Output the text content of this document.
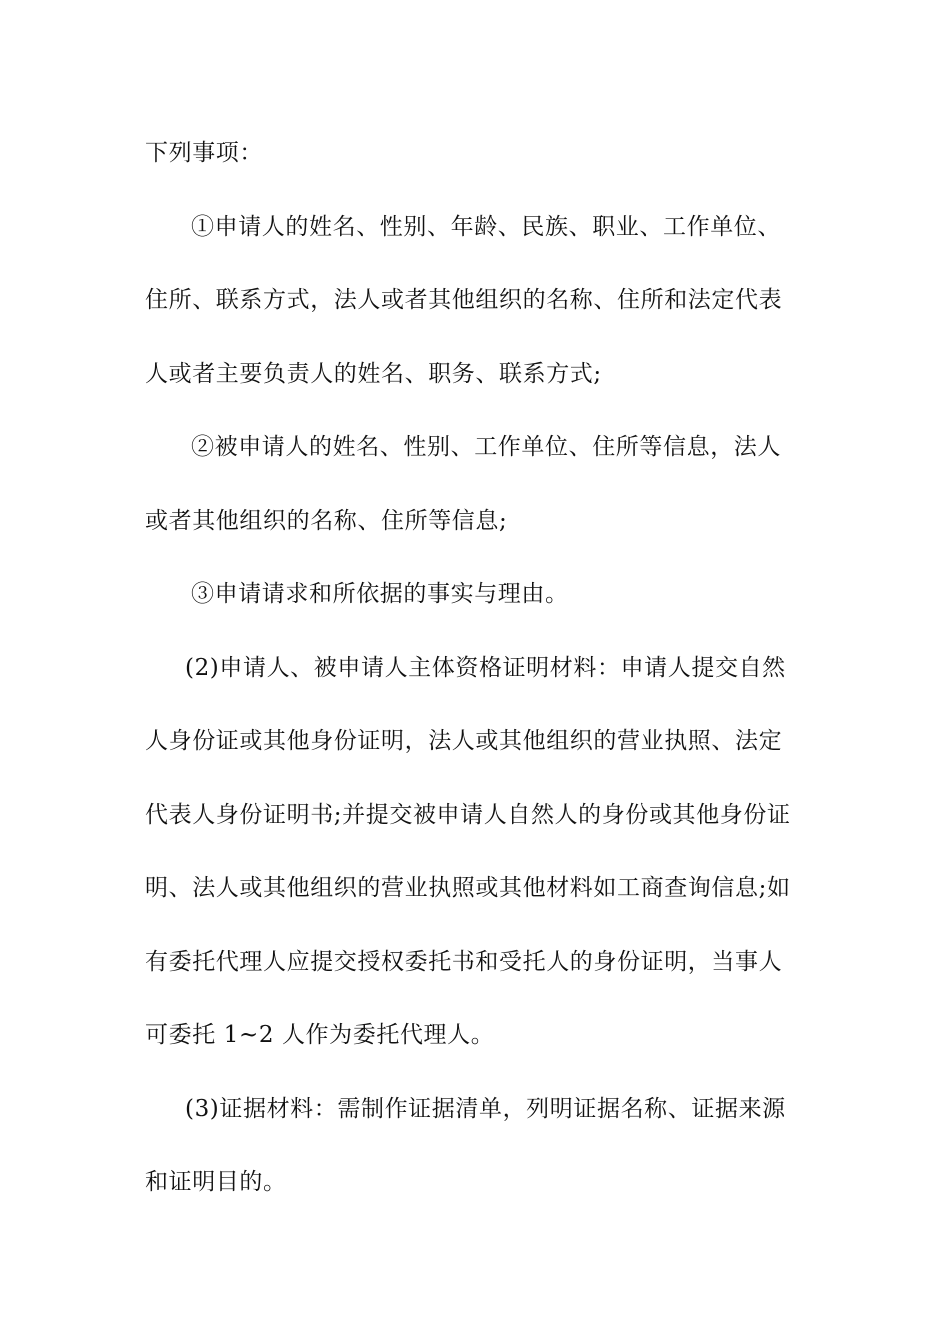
下列事项：
①申请人的姓名、性别、年龄、民族、职业、工作单位、
住所、联系方式，法人或者其他组织的名称、住所和法定代表
人或者主要负责人的姓名、职务、联系方式;
②被申请人的姓名、性别、工作单位、住所等信息，法人
或者其他组织的名称、住所等信息;
③申请请求和所依据的事实与理由。
(2)申请人、被申请人主体资格证明材料：申请人提交自然
人身份证或其他身份证明，法人或其他组织的营业执照、法定
代表人身份证明书;并提交被申请人自然人的身份或其他身份证
明、法人或其他组织的营业执照或其他材料如工商查询信息;如
有委托代理人应提交授权委托书和受托人的身份证明，当事人
可委托 1~2 人作为委托代理人。
(3)证据材料：需制作证据清单，列明证据名称、证据来源
和证明目的。
